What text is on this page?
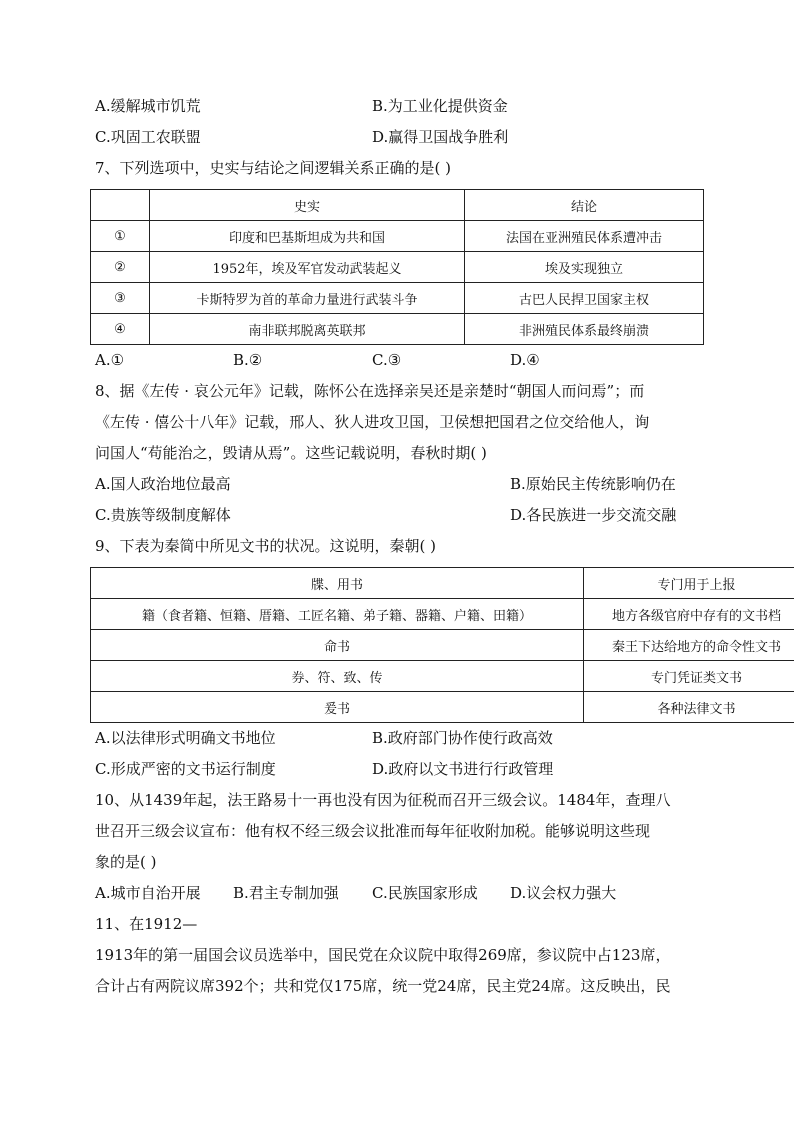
A.缓解城市饥荒	B.为工业化提供资金
C.巩固工农联盟	D.赢得卫国战争胜利
7、下列选项中，史实与结论之间逻辑关系正确的是( )
	史实	结论
①	印度和巴基斯坦成为共和国	法国在亚洲殖民体系遭冲击
②	1952年，埃及军官发动武装起义	埃及实现独立
③	卡斯特罗为首的革命力量进行武装斗争	古巴人民捍卫国家主权
④	南非联邦脱离英联邦	非洲殖民体系最终崩溃
A.①	B.②	C.③	D.④
8、据《左传 · 哀公元年》记载，陈怀公在选择亲吴还是亲楚时“朝国人而问焉”；而
《左传 · 僖公十八年》记载，邢人、狄人进攻卫国，卫侯想把国君之位交给他人，询
问国人“苟能治之，毁请从焉”。这些记载说明，春秋时期( )
A.国人政治地位最高	B.原始民主传统影响仍在
C.贵族等级制度解体	D.各民族进一步交流交融
9、下表为秦简中所见文书的状况。这说明，秦朝( )
牒、用书	专门用于上报
籍（食者籍、恒籍、厝籍、工匠名籍、弟子籍、器籍、户籍、田籍）	地方各级官府中存有的文书档
命书	秦王下达给地方的命令性文书
券、符、致、传	专门凭证类文书
爰书	各种法律文书
A.以法律形式明确文书地位	B.政府部门协作使行政高效
C.形成严密的文书运行制度	D.政府以文书进行行政管理
10、从1439年起，法王路易十一再也没有因为征税而召开三级会议。1484年，查理八
世召开三级会议宣布：他有权不经三级会议批准而每年征收附加税。能够说明这些现
象的是( )
A.城市自治开展 B.君主专制加强 C.民族国家形成 D.议会权力强大
11、在1912—
1913年的第一届国会议员选举中，国民党在众议院中取得269席，参议院中占123席，
合计占有两院议席392个；共和党仅175席，统一党24席，民主党24席。这反映出，民
